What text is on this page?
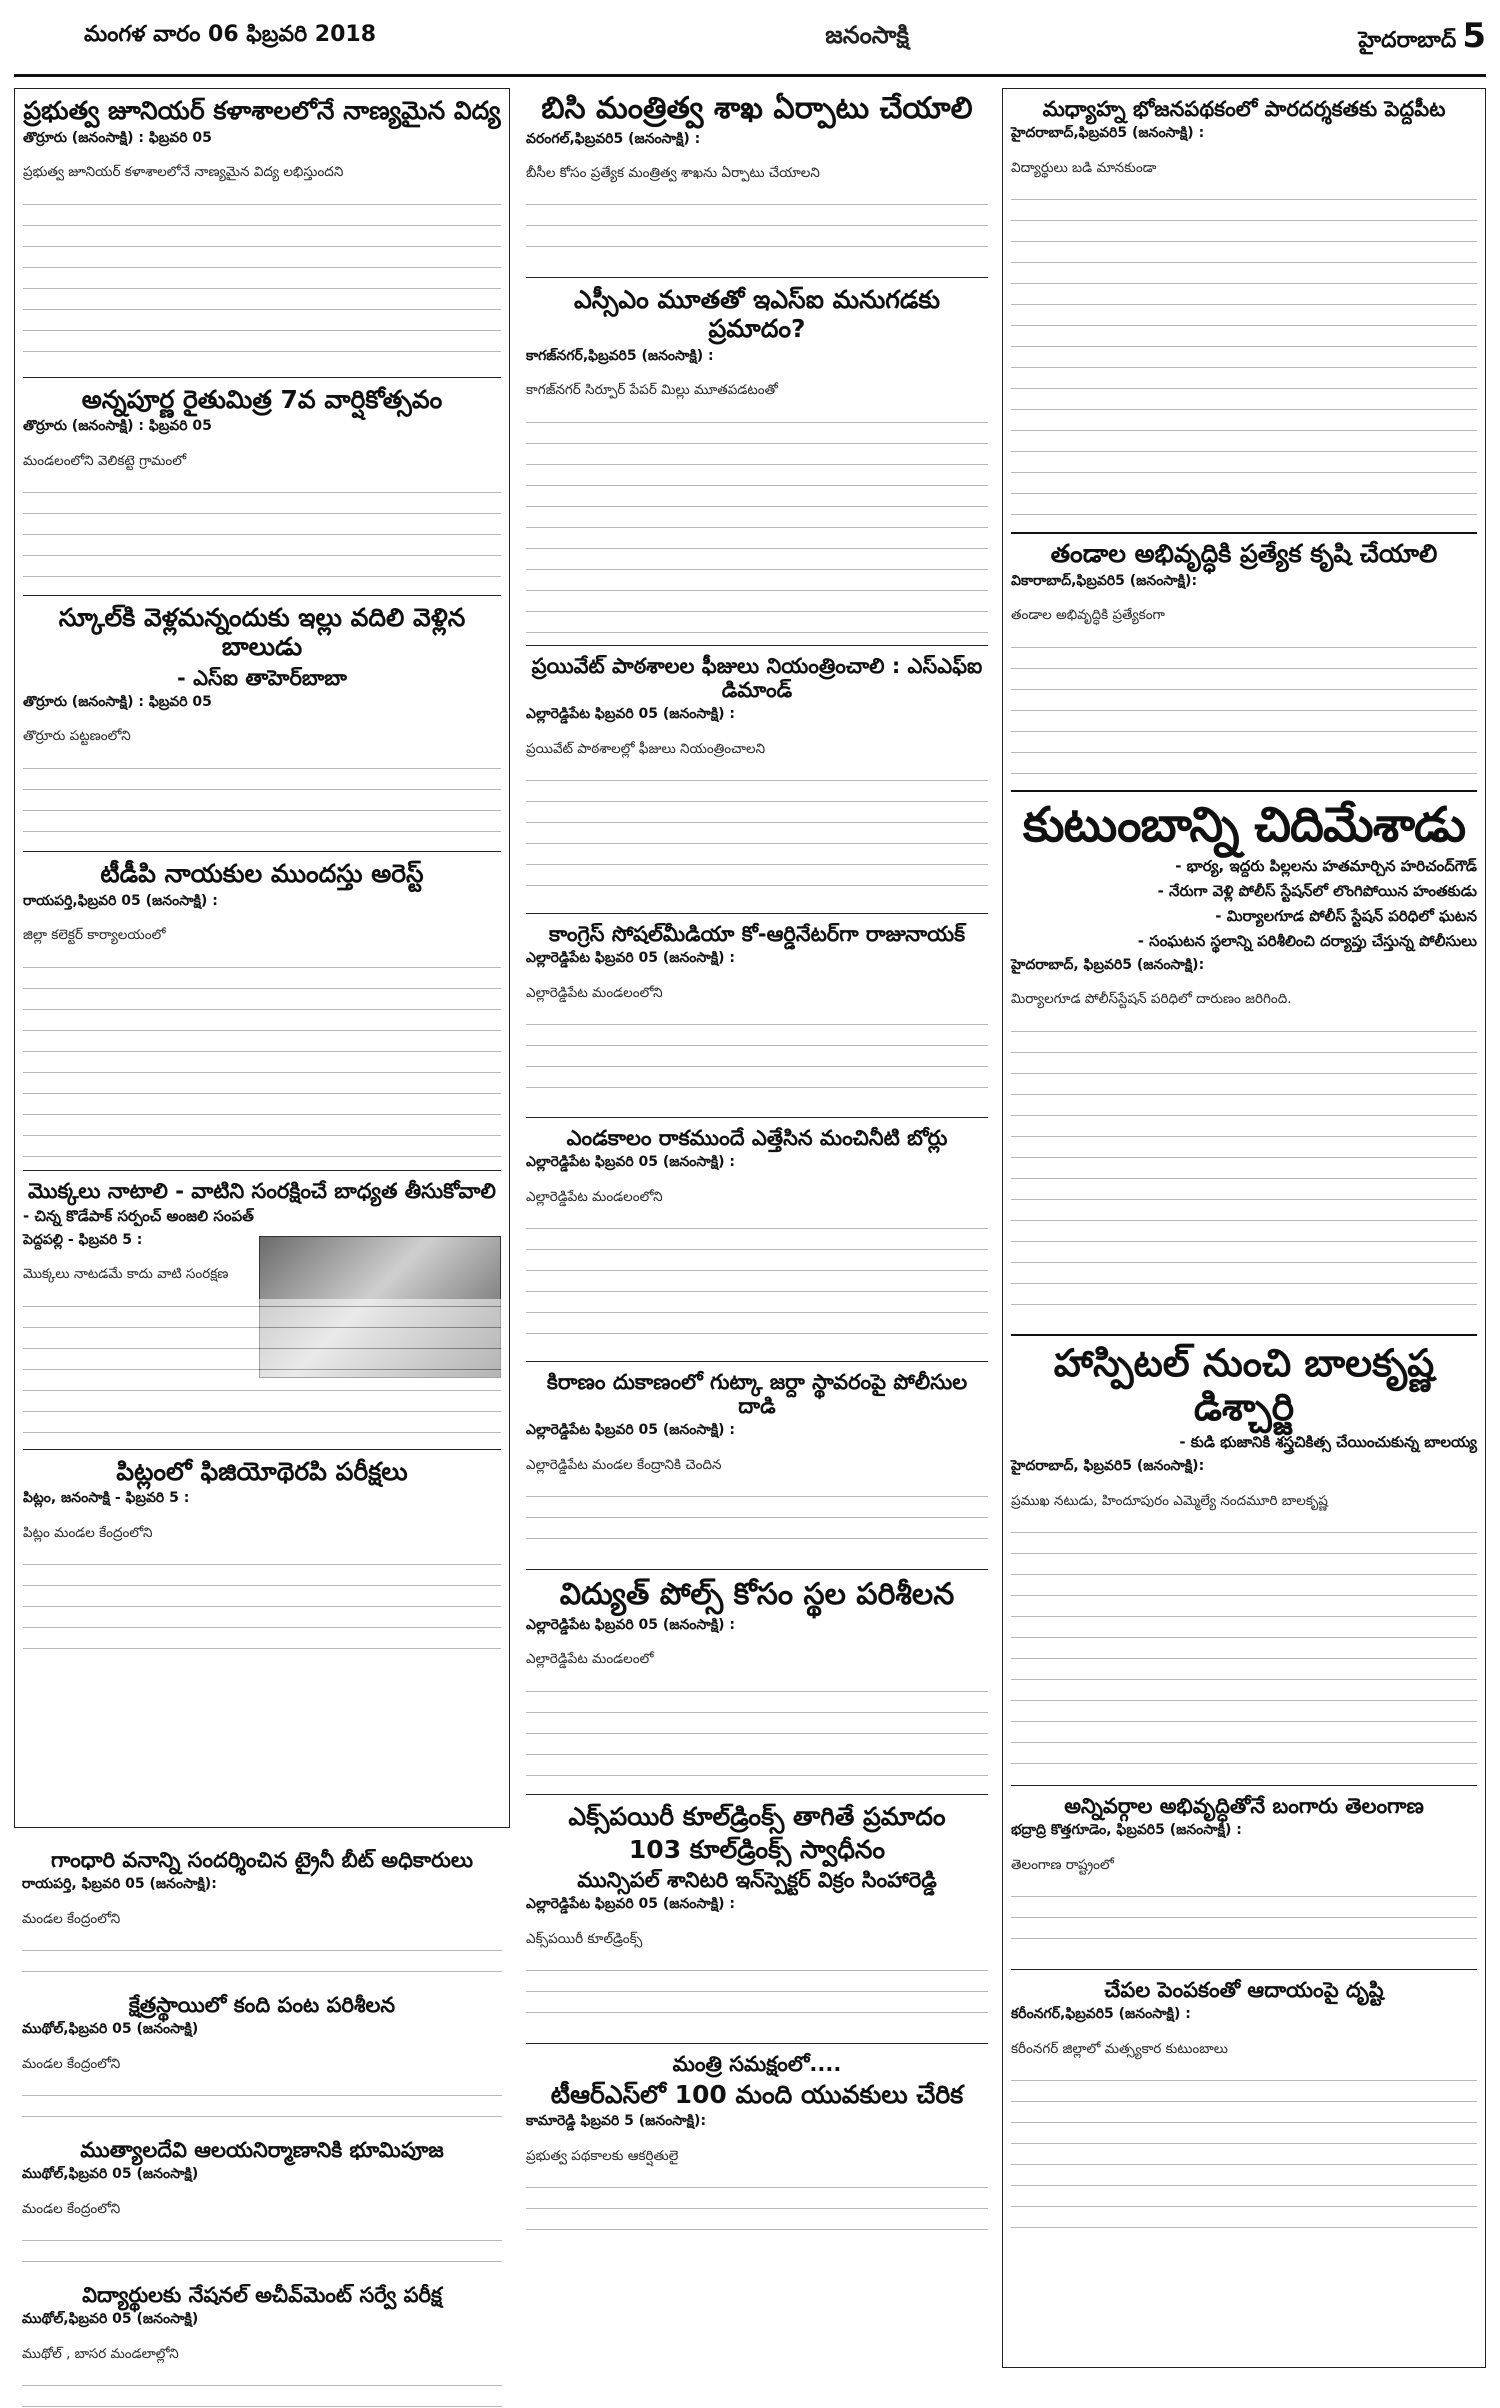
మంగళ వారం 06 ఫిబ్రవరి 2018	జనంసాక్షి	హైదరాబాద్ 5
ప్రభుత్వ జూనియర్ కళాశాలలోనే నాణ్యమైన విద్య
తొర్రూరు (జనంసాక్షి) : ఫిబ్రవరి 05

ప్రభుత్వ జూనియర్ కళాశాలలోనే నాణ్యమైన విద్య లభిస్తుందని

అన్నపూర్ణ రైతుమిత్ర 7వ వార్షికోత్సవం
తొర్రూరు (జనంసాక్షి) : ఫిబ్రవరి 05

మండలంలోని వెలికట్టె గ్రామంలో

స్కూల్‌కి వెళ్లమన్నందుకు ఇల్లు వదిలి వెళ్లిన బాలుడు
- ఎస్ఐ తాహెర్‌బాబా
తొర్రూరు (జనంసాక్షి) : ఫిబ్రవరి 05

తొర్రూరు పట్టణంలోని

టీడీపి నాయకుల ముందస్తు అరెస్ట్
రాయపర్తి,ఫిబ్రవరి 05 (జనంసాక్షి) :

జిల్లా కలెక్టర్ కార్యాలయంలో

మొక్కలు నాటాలి - వాటిని సంరక్షించే బాధ్యత తీసుకోవాలి
- చిన్న కొడేపాక్ సర్పంచ్ అంజలి సంపత్
పెద్దపల్లి - ఫిబ్రవరి 5 :

మొక్కలు నాటడమే కాదు వాటి సంరక్షణ

పిట్లంలో ఫిజియోథెరపి పరీక్షలు
పిట్లం, జనంసాక్షి - ఫిబ్రవరి 5 :

పిట్లం మండల కేంద్రంలోని

గాంధారి వనాన్ని సందర్శించిన ట్రైనీ బీట్ అధికారులు
రాయపర్తి, ఫిబ్రవరి 05 (జనంసాక్షి):

మండల కేంద్రంలోని

క్షేత్రస్థాయిలో కంది పంట పరిశీలన
ముథోల్,ఫిబ్రవరి 05 (జనంసాక్షి)

మండల కేంద్రంలోని

ముత్యాలదేవి ఆలయనిర్మాణానికి భూమిపూజ
ముథోల్,ఫిబ్రవరి 05 (జనంసాక్షి)

మండల కేంద్రంలోని

విద్యార్థులకు నేషనల్ అచీవ్‌మెంట్ సర్వే పరీక్ష
ముథోల్,ఫిబ్రవరి 05 (జనంసాక్షి)

ముథోల్ , బాసర మండలాల్లోని

బిసి మంత్రిత్వ శాఖ ఏర్పాటు చేయాలి
వరంగల్,ఫిబ్రవరి5 (జనంసాక్షి) :

బీసీల కోసం ప్రత్యేక మంత్రిత్వ శాఖను ఏర్పాటు చేయాలని

ఎస్సీఎం మూతతో ఇఎస్‌ఐ మనుగడకు ప్రమాదం?
కాగజ్‌నగర్,ఫిబ్రవరి5 (జనంసాక్షి) :

కాగజ్‌నగర్ సిర్పూర్ పేపర్ మిల్లు మూతపడటంతో

ప్రయివేట్ పాఠశాలల ఫీజులు నియంత్రించాలి : ఎస్ఎఫ్ఐ డిమాండ్
ఎల్లారెడ్డిపేట ఫిబ్రవరి 05 (జనంసాక్షి) :

ప్రయివేట్ పాఠశాలల్లో ఫీజులు నియంత్రించాలని

కాంగ్రెస్ సోషల్‌మీడియా కో-ఆర్డినేటర్‌గా రాజునాయక్
ఎల్లారెడ్డిపేట ఫిబ్రవరి 05 (జనంసాక్షి) :

ఎల్లారెడ్డిపేట మండలంలోని

ఎండకాలం రాకముందే ఎత్తేసిన మంచినీటి బోర్లు
ఎల్లారెడ్డిపేట ఫిబ్రవరి 05 (జనంసాక్షి) :

ఎల్లారెడ్డిపేట మండలంలోని

కిరాణం దుకాణంలో గుట్కా జర్దా స్థావరంపై పోలీసుల దాడి
ఎల్లారెడ్డిపేట ఫిబ్రవరి 05 (జనంసాక్షి) :

ఎల్లారెడ్డిపేట మండల కేంద్రానికి చెందిన

విద్యుత్ పోల్స్ కోసం స్థల పరిశీలన
ఎల్లారెడ్డిపేట ఫిబ్రవరి 05 (జనంసాక్షి) :

ఎల్లారెడ్డిపేట మండలంలో

ఎక్స్‌పయిరీ కూల్‌డ్రింక్స్ తాగితే ప్రమాదం
103 కూల్‌డ్రింక్స్ స్వాధీనం
మున్సిపల్ శానిటరి ఇన్‌స్పెక్టర్ విక్రం సింహారెడ్డి
ఎల్లారెడ్డిపేట ఫిబ్రవరి 05 (జనంసాక్షి) :

ఎక్స్‌పయిరీ కూల్‌డ్రింక్స్

మంత్రి సమక్షంలో....
టీఆర్‌ఎస్‌లో 100 మంది యువకులు చేరిక
కామారెడ్డి ఫిబ్రవరి 5 (జనంసాక్షి):

ప్రభుత్వ పథకాలకు ఆకర్షితులై

మధ్యాహ్న భోజనపథకంలో పారదర్శకతకు పెద్దపీట
హైదరాబాద్,ఫిబ్రవరి5 (జనంసాక్షి) :

విద్యార్థులు బడి మానకుండా

తండాల అభివృద్ధికి ప్రత్యేక కృషి చేయాలి
వికారాబాద్,ఫిబ్రవరి5 (జనంసాక్షి):

తండాల అభివృద్ధికి ప్రత్యేకంగా

కుటుంబాన్ని చిదిమేశాడు
- భార్య, ఇద్దరు పిల్లలను హతమార్చిన హరిచంద్‌గౌడ్
- నేరుగా వెళ్లి పోలీస్ స్టేషన్‌లో లొంగిపోయిన హంతకుడు
- మిర్యాలగూడ పోలీస్ స్టేషన్ పరిధిలో ఘటన
- సంఘటన స్థలాన్ని పరిశీలించి దర్యాప్తు చేస్తున్న పోలీసులు
హైదరాబాద్, ఫిబ్రవరి5 (జనంసాక్షి):

మిర్యాలగూడ పోలీస్‌స్టేషన్ పరిధిలో దారుణం జరిగింది.

హాస్పిటల్ నుంచి బాలకృష్ణ డిశ్చార్జి
- కుడి భుజానికి శస్త్రచికిత్స చేయించుకున్న బాలయ్య
హైదరాబాద్, ఫిబ్రవరి5 (జనంసాక్షి):

ప్రముఖ నటుడు, హిందూపురం ఎమ్మెల్యే నందమూరి బాలకృష్ణ

అన్నివర్గాల అభివృద్ధితోనే బంగారు తెలంగాణ
భద్రాద్రి కొత్తగూడెం, ఫిబ్రవరి5 (జనంసాక్షి) :

తెలంగాణ రాష్ట్రంలో

చేపల పెంపకంతో ఆదాయంపై దృష్టి
కరీంనగర్,ఫిబ్రవరి5 (జనంసాక్షి) :

కరీంనగర్ జిల్లాలో మత్స్యకార కుటుంబాలు
